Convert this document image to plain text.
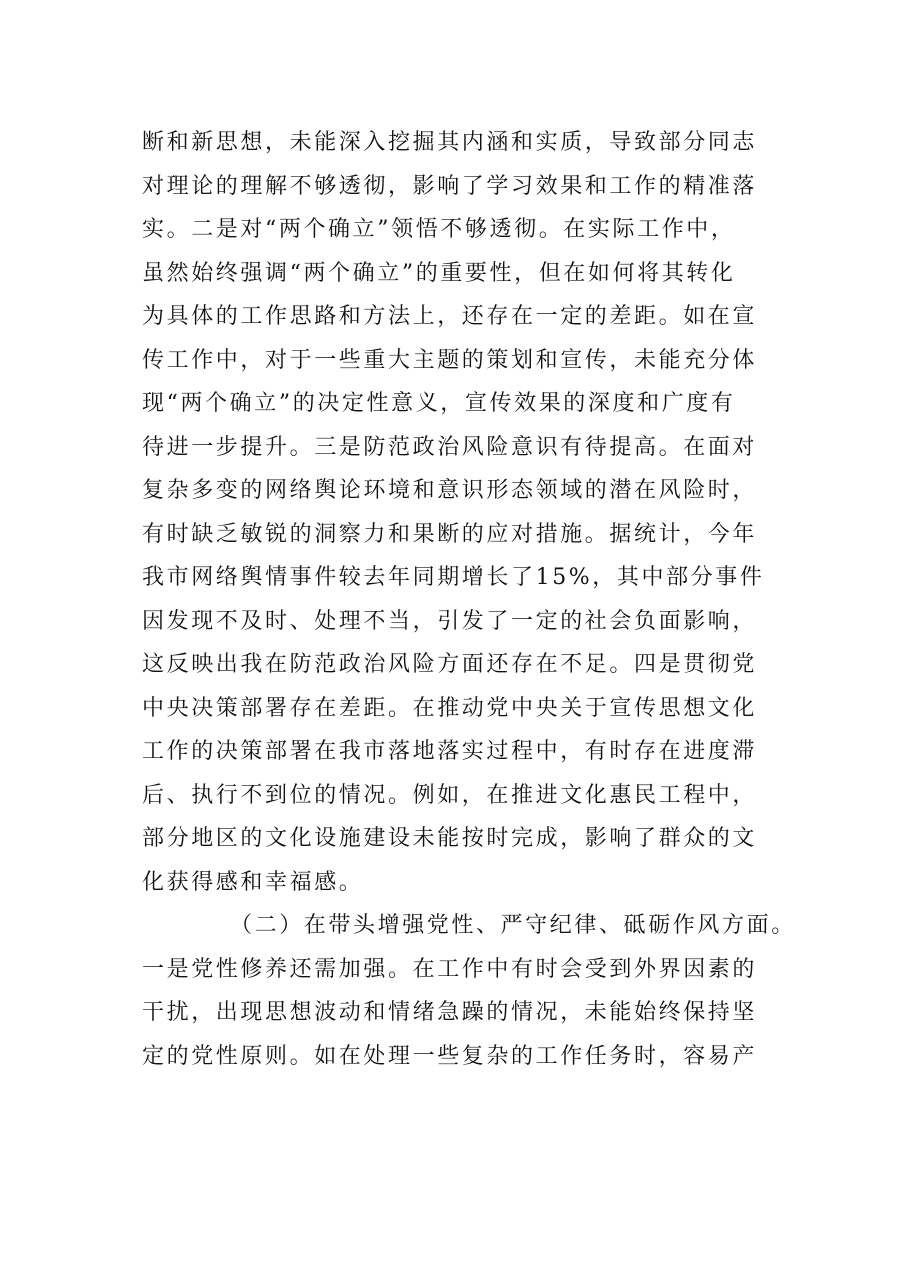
断和新思想，未能深入挖掘其内涵和实质，导致部分同志
对理论的理解不够透彻，影响了学习效果和工作的精准落
实。二是对“两个确立”领悟不够透彻。在实际工作中，
虽然始终强调“两个确立”的重要性，但在如何将其转化
为具体的工作思路和方法上，还存在一定的差距。如在宣
传工作中，对于一些重大主题的策划和宣传，未能充分体
现“两个确立”的决定性意义，宣传效果的深度和广度有
待进一步提升。三是防范政治风险意识有待提高。在面对
复杂多变的网络舆论环境和意识形态领域的潜在风险时，
有时缺乏敏锐的洞察力和果断的应对措施。据统计，今年
我市网络舆情事件较去年同期增长了15%，其中部分事件
因发现不及时、处理不当，引发了一定的社会负面影响，
这反映出我在防范政治风险方面还存在不足。四是贯彻党
中央决策部署存在差距。在推动党中央关于宣传思想文化
工作的决策部署在我市落地落实过程中，有时存在进度滞
后、执行不到位的情况。例如，在推进文化惠民工程中，
部分地区的文化设施建设未能按时完成，影响了群众的文
化获得感和幸福感。
（二）在带头增强党性、严守纪律、砥砺作风方面。
一是党性修养还需加强。在工作中有时会受到外界因素的
干扰，出现思想波动和情绪急躁的情况，未能始终保持坚
定的党性原则。如在处理一些复杂的工作任务时，容易产
